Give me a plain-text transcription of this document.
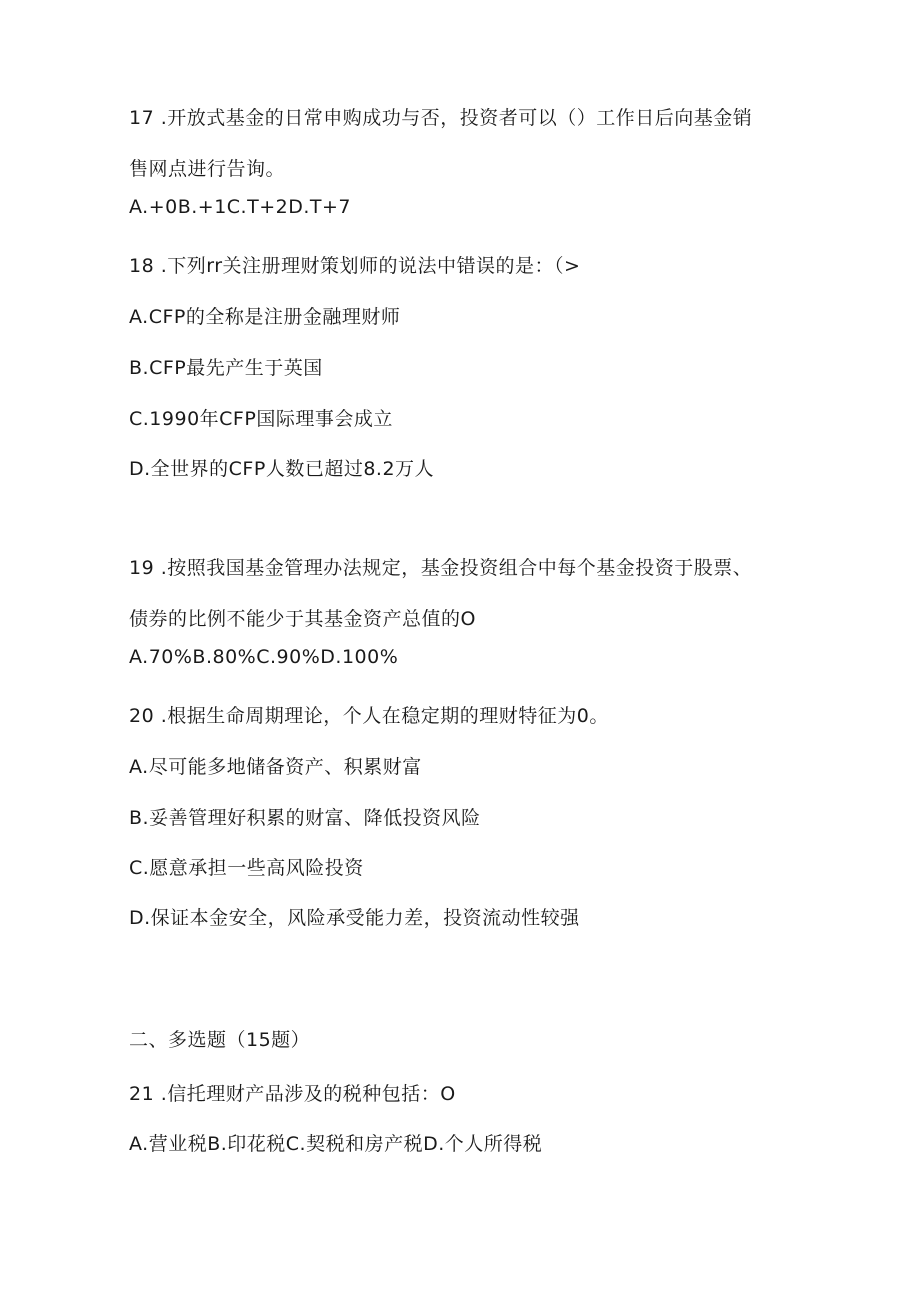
17 .开放式基金的日常申购成功与否，投资者可以（）工作日后向基金销
售网点进行告询。
A.+0B.+1C.T+2D.T+7
18 .下列rr关注册理财策划师的说法中错误的是：（>
A.CFP的全称是注册金融理财师
B.CFP最先产生于英国
C.1990年CFP国际理事会成立
D.全世界的CFP人数已超过8.2万人
19 .按照我国基金管理办法规定，基金投资组合中每个基金投资于股票、
债券的比例不能少于其基金资产总值的O
A.70%B.80%C.90%D.100%
20 .根据生命周期理论，个人在稳定期的理财特征为0。
A.尽可能多地储备资产、积累财富
B.妥善管理好积累的财富、降低投资风险
C.愿意承担一些高风险投资
D.保证本金安全，风险承受能力差，投资流动性较强
二、多选题（15题）
21 .信托理财产品涉及的税种包括：O
A.营业税B.印花税C.契税和房产税D.个人所得税
